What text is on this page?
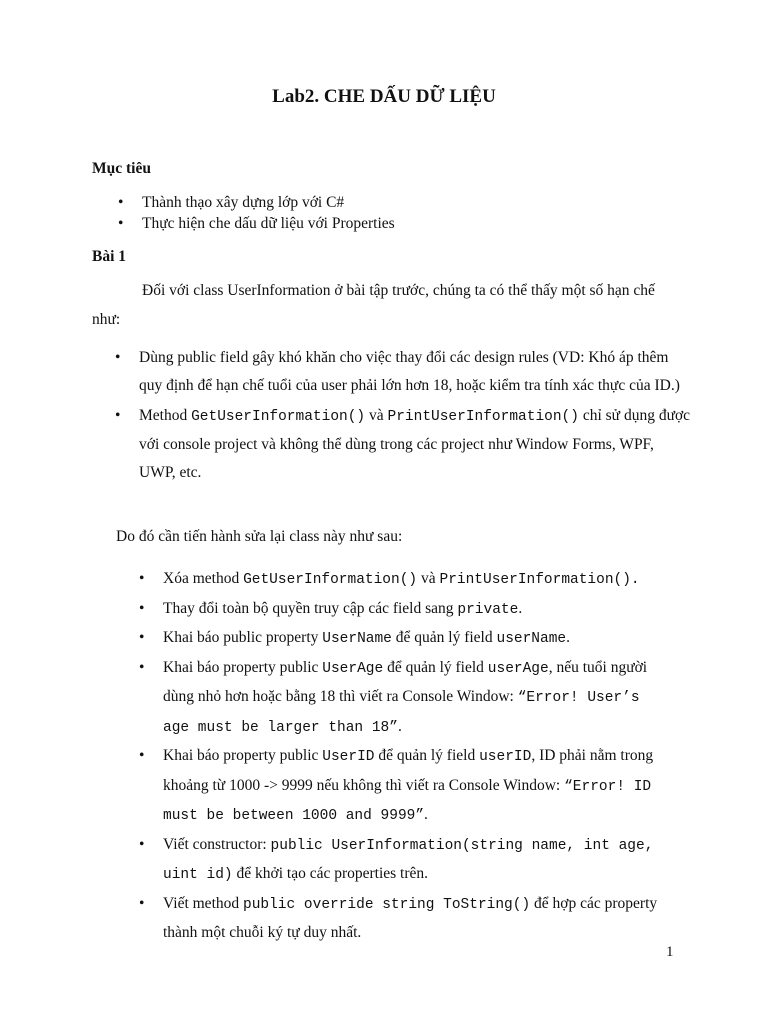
Lab2. CHE DẤU DỮ LIỆU
Mục tiêu
• Thành thạo xây dựng lớp với C#
• Thực hiện che dấu dữ liệu với Properties
Bài 1

Đối với class UserInformation ở bài tập trước, chúng ta có thể thấy một số hạn chế như:

• Dùng public field gây khó khăn cho việc thay đổi các design rules (VD: Khó áp thêm quy định để hạn chế tuổi của user phải lớn hơn 18, hoặc kiểm tra tính xác thực của ID.)
• Method GetUserInformation() và PrintUserInformation() chỉ sử dụng được với console project và không thể dùng trong các project như Window Forms, WPF, UWP, etc.

Do đó cần tiến hành sửa lại class này như sau:

• Xóa method GetUserInformation() và PrintUserInformation().
• Thay đổi toàn bộ quyền truy cập các field sang private.
• Khai báo public property UserName để quản lý field userName.
• Khai báo property public UserAge để quản lý field userAge, nếu tuổi người dùng nhỏ hơn hoặc bằng 18 thì viết ra Console Window: “Error! User’s age must be larger than 18”.
• Khai báo property public UserID để quản lý field userID, ID phải nằm trong khoảng từ 1000 -> 9999 nếu không thì viết ra Console Window: “Error! ID must be between 1000 and 9999”.
• Viết constructor: public UserInformation(string name, int age, uint id) để khởi tạo các properties trên.
• Viết method public override string ToString() để hợp các property thành một chuỗi ký tự duy nhất.
1
